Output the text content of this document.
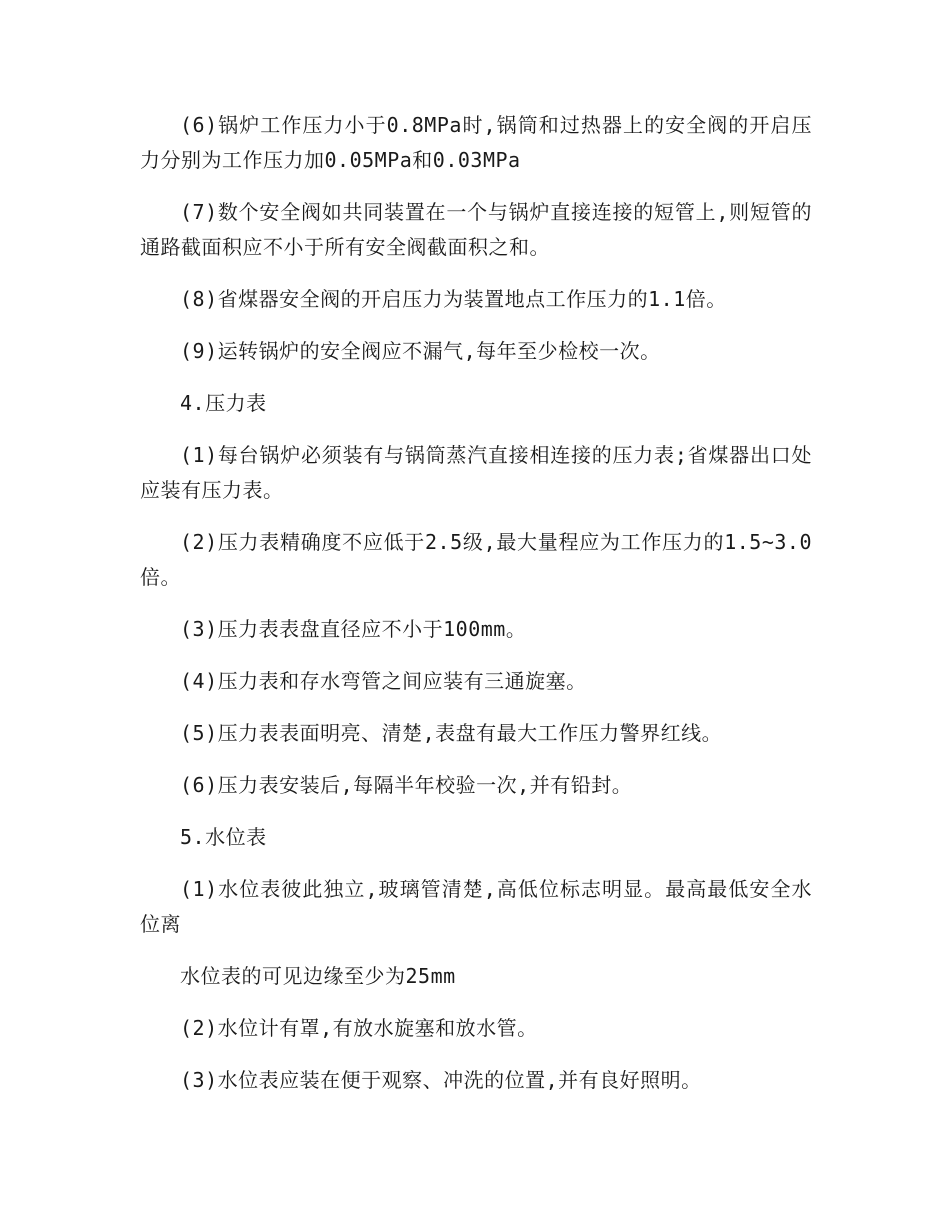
(6)锅炉工作压力小于0.8MPa时,锅筒和过热器上的安全阀的开启压力分别为工作压力加0.05MPa和0.03MPa

(7)数个安全阀如共同装置在一个与锅炉直接连接的短管上,则短管的通路截面积应不小于所有安全阀截面积之和。

(8)省煤器安全阀的开启压力为装置地点工作压力的1.1倍。

(9)运转锅炉的安全阀应不漏气,每年至少检校一次。

4.压力表

(1)每台锅炉必须装有与锅筒蒸汽直接相连接的压力表;省煤器出口处应装有压力表。

(2)压力表精确度不应低于2.5级,最大量程应为工作压力的1.5~3.0倍。

(3)压力表表盘直径应不小于100mm。

(4)压力表和存水弯管之间应装有三通旋塞。

(5)压力表表面明亮、清楚,表盘有最大工作压力警界红线。

(6)压力表安装后,每隔半年校验一次,并有铅封。

5.水位表

(1)水位表彼此独立,玻璃管清楚,高低位标志明显。最高最低安全水位离

水位表的可见边缘至少为25mm

(2)水位计有罩,有放水旋塞和放水管。

(3)水位表应装在便于观察、冲洗的位置,并有良好照明。
